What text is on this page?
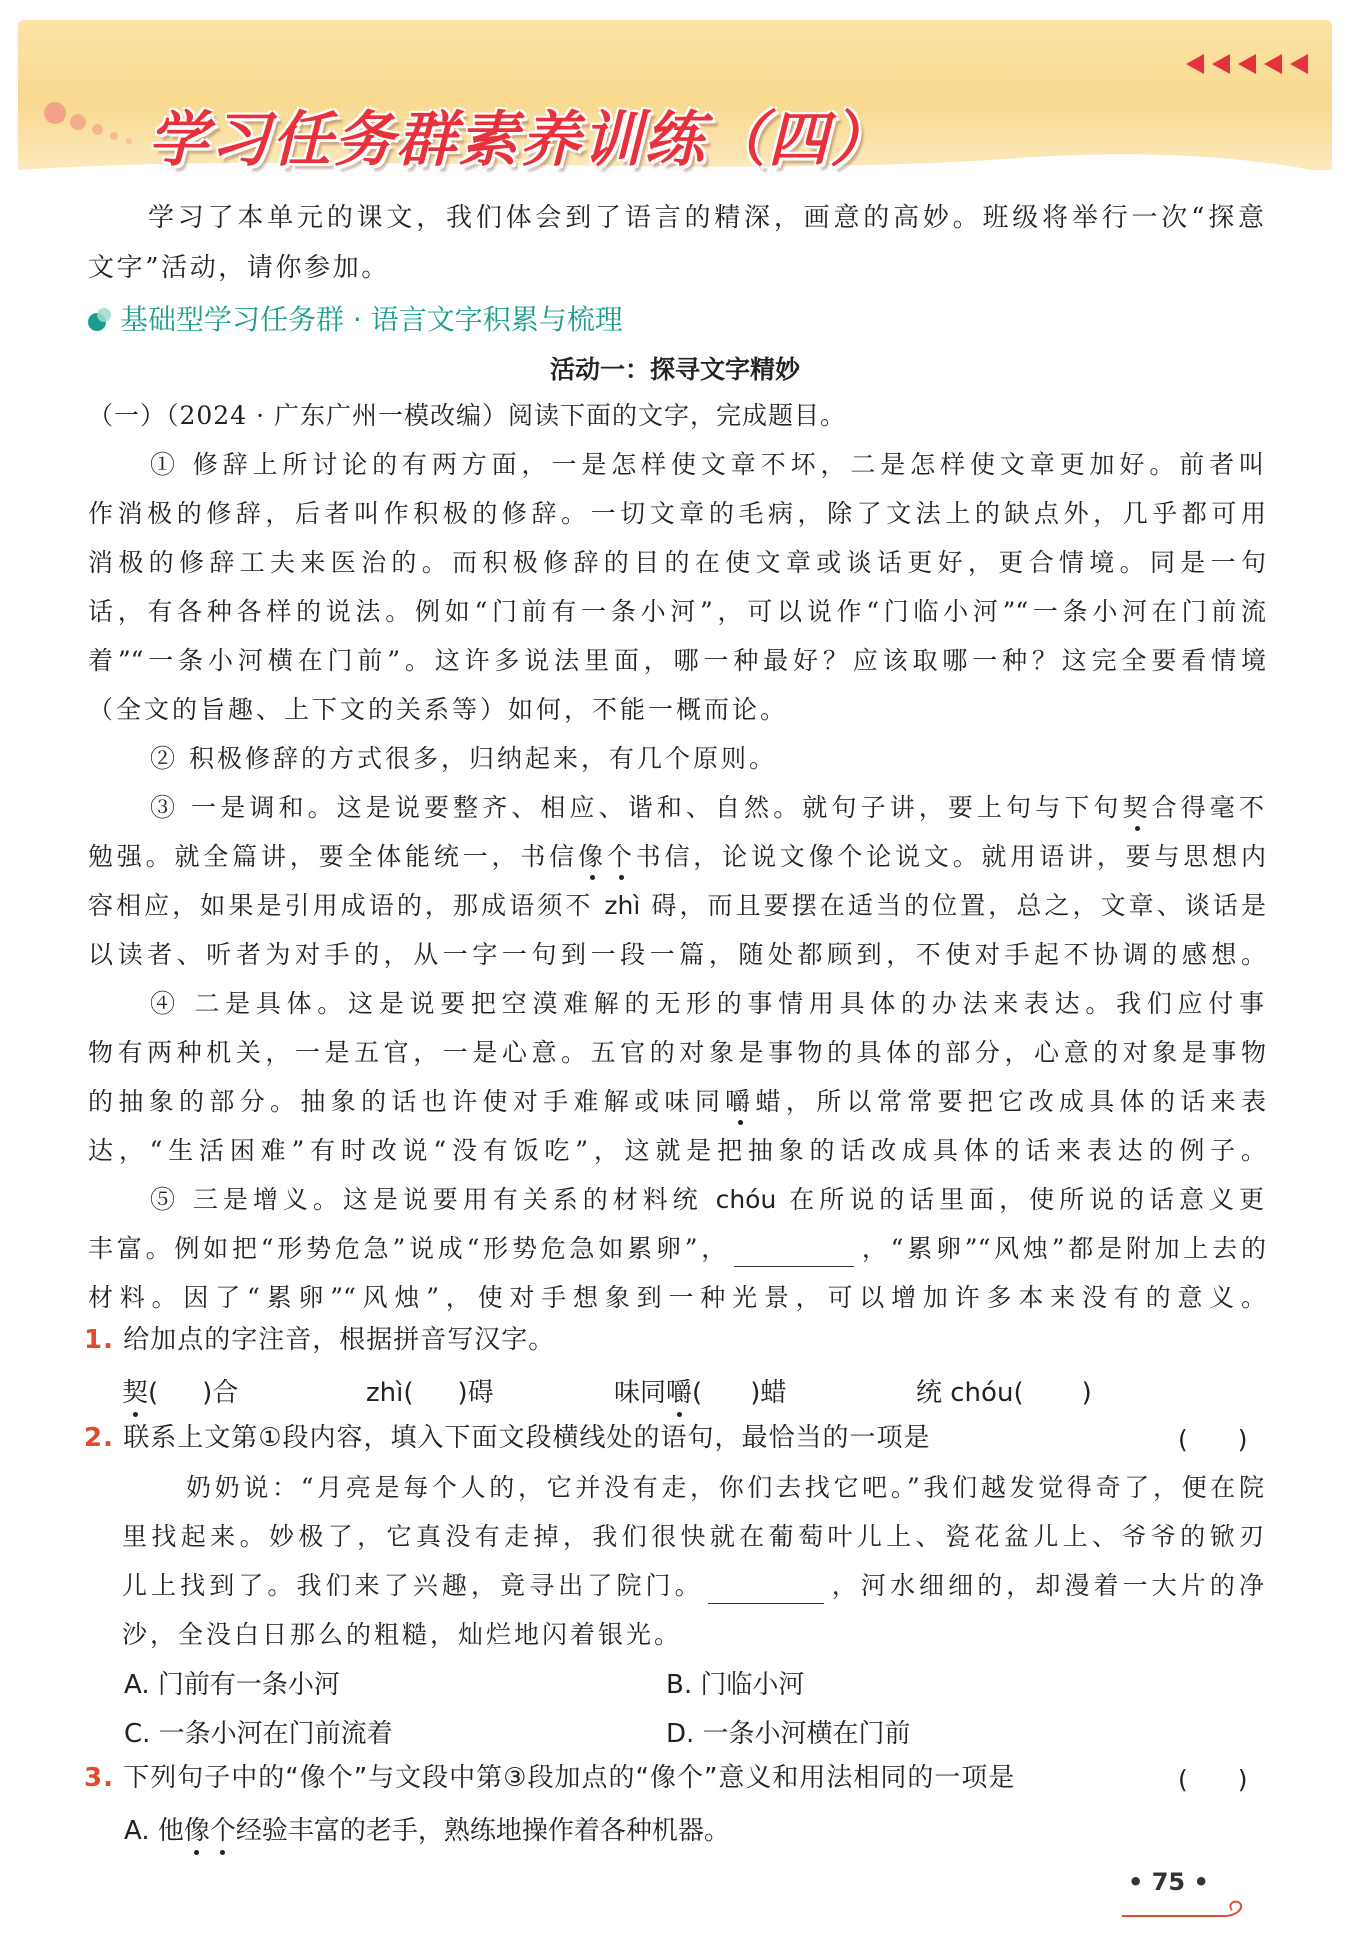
学习任务群素养训练（四）
学习了本单元的课文，我们体会到了语言的精深，画意的高妙。班级将举行一次“探意
文字”活动，请你参加。
基础型学习任务群 · 语言文字积累与梳理
活动一：探寻文字精妙
（一）（2024 · 广东广州一模改编）阅读下面的文字，完成题目。
① 修辞上所讨论的有两方面，一是怎样使文章不坏，二是怎样使文章更加好。前者叫
作消极的修辞，后者叫作积极的修辞。一切文章的毛病，除了文法上的缺点外，几乎都可用
消极的修辞工夫来医治的。而积极修辞的目的在使文章或谈话更好，更合情境。同是一句
话，有各种各样的说法。例如“门前有一条小河”，可以说作“门临小河”“一条小河在门前流
着”“一条小河横在门前”。这许多说法里面，哪一种最好？应该取哪一种？这完全要看情境
（全文的旨趣、上下文的关系等）如何，不能一概而论。
② 积极修辞的方式很多，归纳起来，有几个原则。
③ 一是调和。这是说要整齐、相应、谐和、自然。就句子讲，要上句与下句契合得毫不
勉强。就全篇讲，要全体能统一，书信像个书信，论说文像个论说文。就用语讲，要与思想内
容相应，如果是引用成语的，那成语须不 zhì 碍，而且要摆在适当的位置，总之，文章、谈话是
以读者、听者为对手的，从一字一句到一段一篇，随处都顾到，不使对手起不协调的感想。
④ 二是具体。这是说要把空漠难解的无形的事情用具体的办法来表达。我们应付事
物有两种机关，一是五官，一是心意。五官的对象是事物的具体的部分，心意的对象是事物
的抽象的部分。抽象的话也许使对手难解或味同嚼蜡，所以常常要把它改成具体的话来表
达，“生活困难”有时改说“没有饭吃”，这就是把抽象的话改成具体的话来表达的例子。
⑤ 三是增义。这是说要用有关系的材料统 chóu 在所说的话里面，使所说的话意义更
丰富。例如把“形势危急”说成“形势危急如累卵”，	，“累卵”“风烛”都是附加上去的
材料。因了“累卵”“风烛”，使对手想象到一种光景，可以增加许多本来没有的意义。
1. 给加点的字注音，根据拼音写汉字。
契( )合	zhì( )碍	味同嚼( )蜡	统 chóu( )
2. 联系上文第①段内容，填入下面文段横线处的语句，最恰当的一项是	(　　)
奶奶说：“月亮是每个人的，它并没有走，你们去找它吧。”我们越发觉得奇了，便在院
里找起来。妙极了，它真没有走掉，我们很快就在葡萄叶儿上、瓷花盆儿上、爷爷的锨刃
儿上找到了。我们来了兴趣，竟寻出了院门。	，河水细细的，却漫着一大片的净
沙，全没白日那么的粗糙，灿烂地闪着银光。
A. 门前有一条小河	B. 门临小河
C. 一条小河在门前流着	D. 一条小河横在门前
3. 下列句子中的“像个”与文段中第③段加点的“像个”意义和用法相同的一项是	(　　)
A. 他像个经验丰富的老手，熟练地操作着各种机器。
• 75 •
